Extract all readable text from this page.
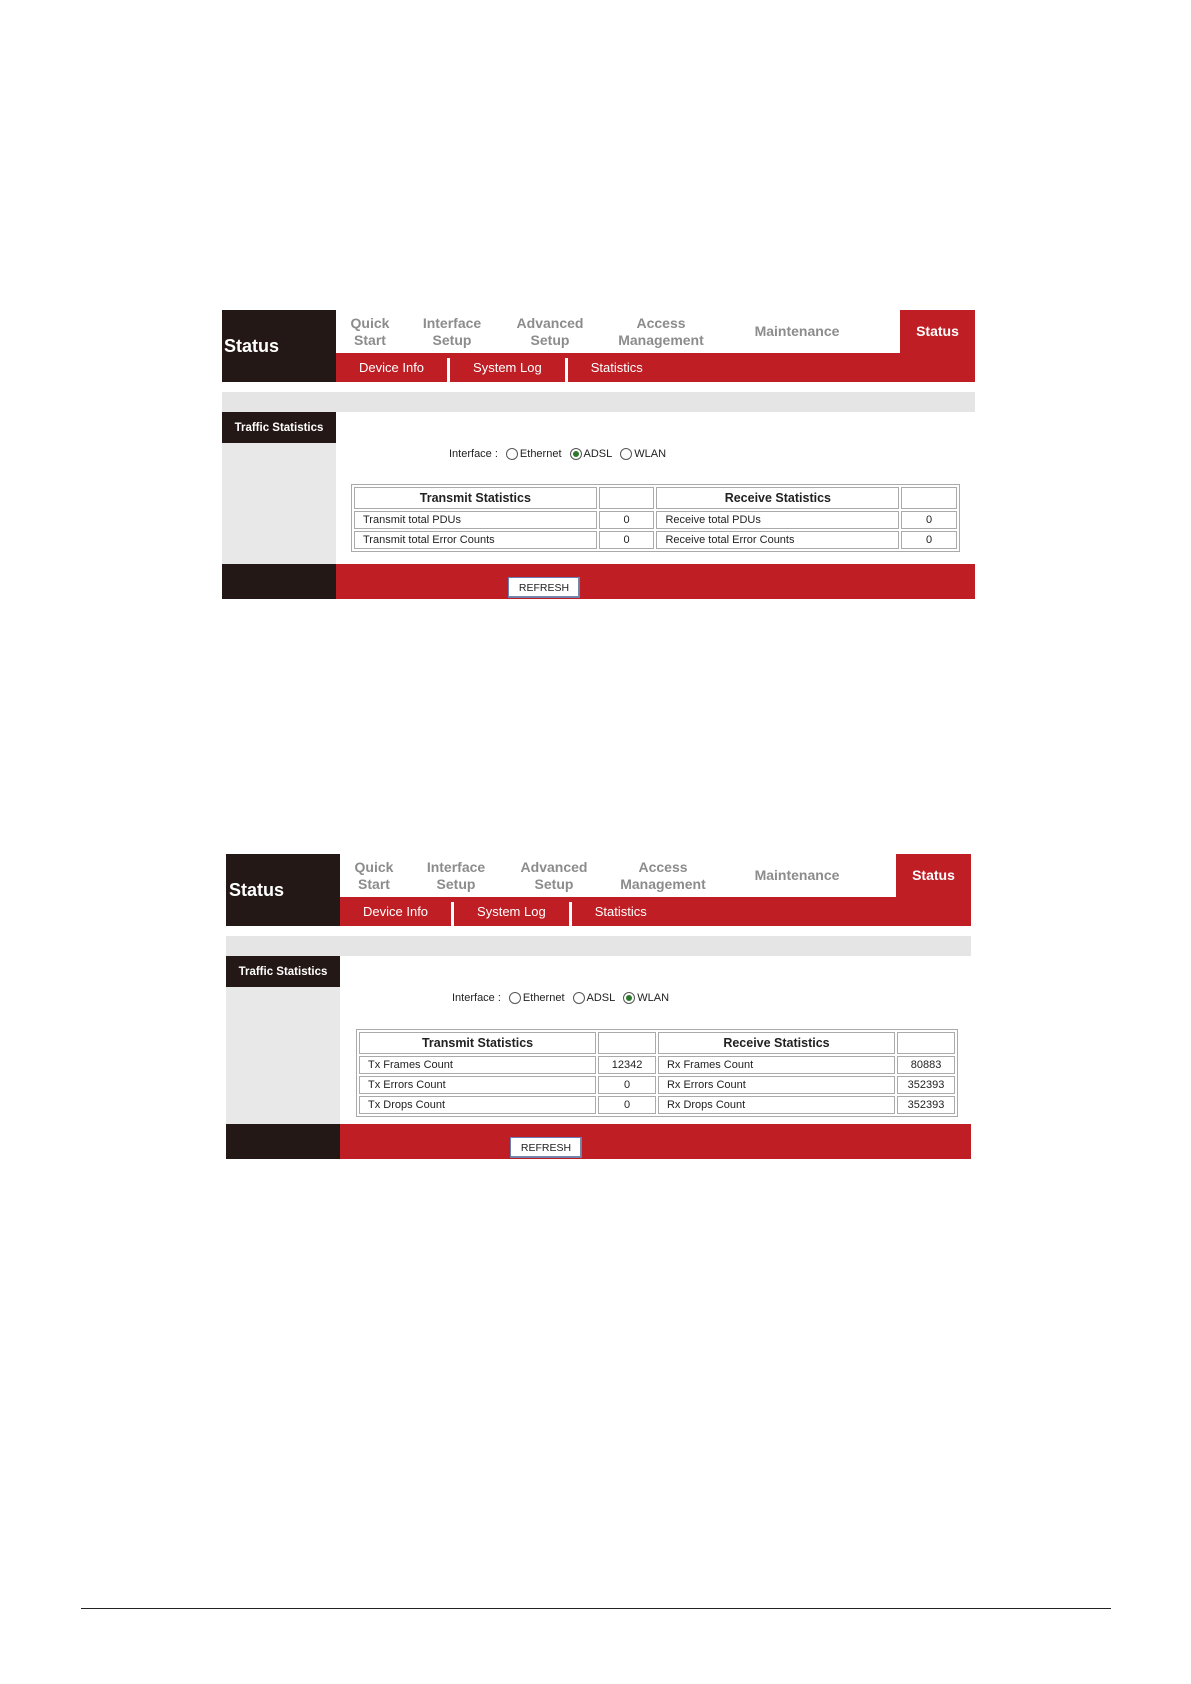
Status
Quick
Start
Interface
Setup
Advanced
Setup
Access
Management
Maintenance	Status
Device Info	System Log	Statistics
Traffic Statistics
Interface : Ethernet ADSL WLAN
Transmit Statistics		Receive Statistics	
Transmit total PDUs	0	Receive total PDUs	0
Transmit total Error Counts	0	Receive total Error Counts	0
REFRESH
Status
Quick
Start
Interface
Setup
Advanced
Setup
Access
Management
Maintenance	Status
Device Info	System Log	Statistics
Traffic Statistics
Interface : Ethernet ADSL WLAN
Transmit Statistics		Receive Statistics	
Tx Frames Count	12342	Rx Frames Count	80883
Tx Errors Count	0	Rx Errors Count	352393
Tx Drops Count	0	Rx Drops Count	352393
REFRESH
